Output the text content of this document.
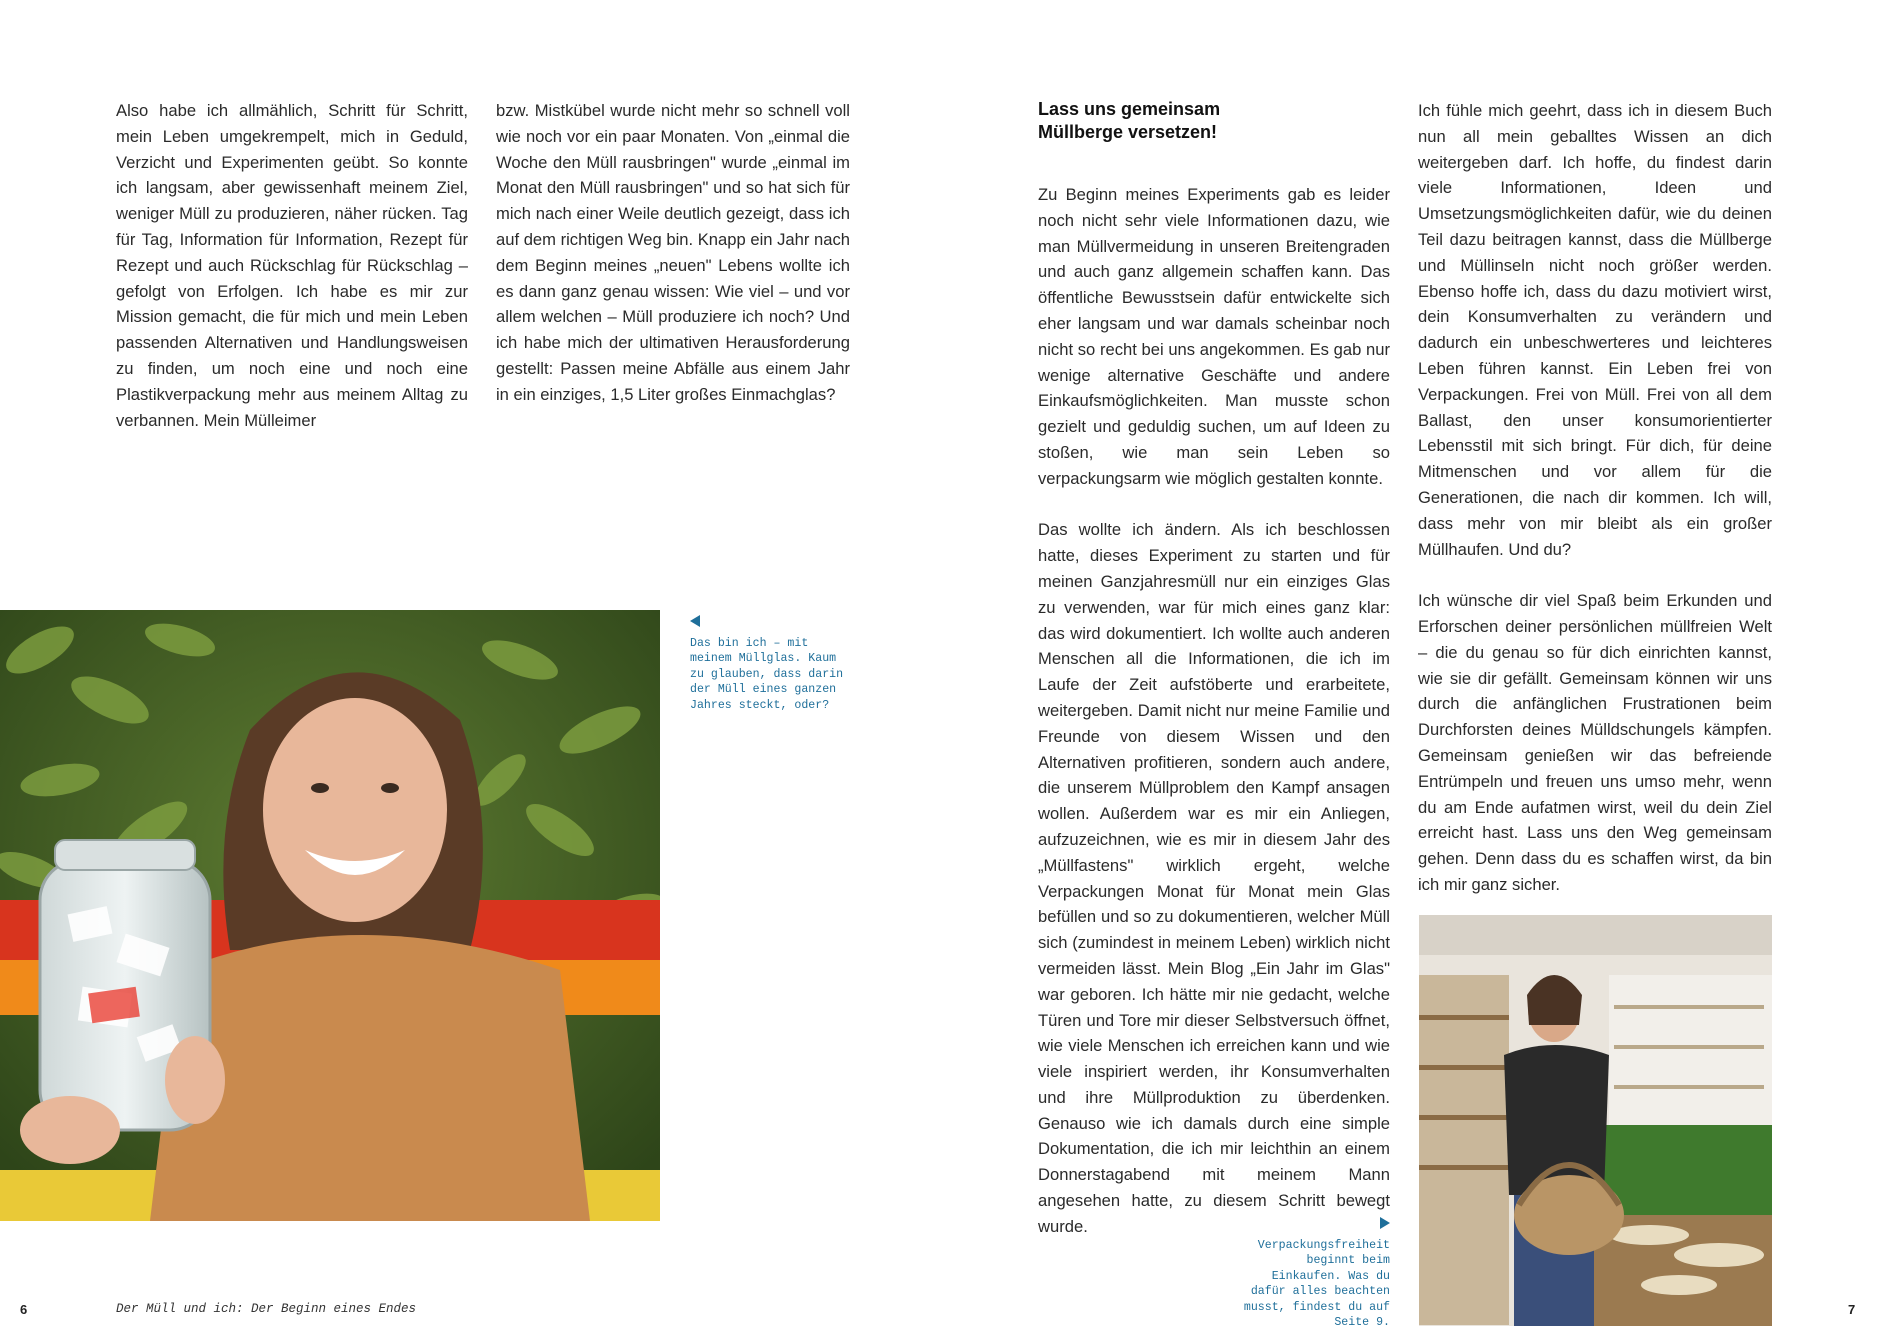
Also habe ich allmählich, Schritt für Schritt, mein Leben umgekrempelt, mich in Geduld, Verzicht und Experimenten geübt. So konnte ich langsam, aber gewissenhaft meinem Ziel, weniger Müll zu produzieren, näher rücken. Tag für Tag, Information für Information, Rezept für Rezept und auch Rückschlag für Rückschlag – gefolgt von Erfolgen. Ich habe es mir zur Mission gemacht, die für mich und mein Leben passenden Alternativen und Handlungsweisen zu finden, um noch eine und noch eine Plastikverpackung mehr aus meinem Alltag zu verbannen. Mein Mülleimer

bzw. Mistkübel wurde nicht mehr so schnell voll wie noch vor ein paar Monaten. Von „einmal die Woche den Müll rausbringen" wurde „einmal im Monat den Müll rausbringen" und so hat sich für mich nach einer Weile deutlich gezeigt, dass ich auf dem richtigen Weg bin. Knapp ein Jahr nach dem Beginn meines „neuen" Lebens wollte ich es dann ganz genau wissen: Wie viel – und vor allem welchen – Müll produziere ich noch? Und ich habe mich der ultimativen Herausforderung gestellt: Passen meine Abfälle aus einem Jahr in ein einziges, 1,5 Liter großes Einmachglas?

Das bin ich – mit meinem Müllglas. Kaum zu glauben, dass darin der Müll eines ganzen Jahres steckt, oder?
6	Der Müll und ich: Der Beginn eines Endes
Lass uns gemeinsam Müllberge versetzen!

Zu Beginn meines Experiments gab es leider noch nicht sehr viele Informationen dazu, wie man Müllvermeidung in unseren Breitengraden und auch ganz allgemein schaffen kann. Das öffentliche Bewusstsein dafür entwickelte sich eher langsam und war damals scheinbar noch nicht so recht bei uns angekommen. Es gab nur wenige alternative Geschäfte und andere Einkaufsmöglichkeiten. Man musste schon gezielt und geduldig suchen, um auf Ideen zu stoßen, wie man sein Leben so verpackungsarm wie möglich gestalten konnte.

Das wollte ich ändern. Als ich beschlossen hatte, dieses Experiment zu starten und für meinen Ganzjahresmüll nur ein einziges Glas zu verwenden, war für mich eines ganz klar: das wird dokumentiert. Ich wollte auch anderen Menschen all die Informationen, die ich im Laufe der Zeit aufstöberte und erarbeitete, weitergeben. Damit nicht nur meine Familie und Freunde von diesem Wissen und den Alternativen profitieren, sondern auch andere, die unserem Müllproblem den Kampf ansagen wollen. Außerdem war es mir ein Anliegen, aufzuzeichnen, wie es mir in diesem Jahr des „Müllfastens" wirklich ergeht, welche Verpackungen Monat für Monat mein Glas befüllen und so zu dokumentieren, welcher Müll sich (zumindest in meinem Leben) wirklich nicht vermeiden lässt. Mein Blog „Ein Jahr im Glas" war geboren. Ich hätte mir nie gedacht, welche Türen und Tore mir dieser Selbstversuch öffnet, wie viele Menschen ich erreichen kann und wie viele inspiriert werden, ihr Konsumverhalten und ihre Müllproduktion zu überdenken. Genauso wie ich damals durch eine simple Dokumentation, die ich mir leichthin an einem Donnerstagabend mit meinem Mann angesehen hatte, zu diesem Schritt bewegt wurde.

Ich fühle mich geehrt, dass ich in diesem Buch nun all mein geballtes Wissen an dich weitergeben darf. Ich hoffe, du findest darin viele Informationen, Ideen und Umsetzungsmöglichkeiten dafür, wie du deinen Teil dazu beitragen kannst, dass die Müllberge und Müllinseln nicht noch größer werden. Ebenso hoffe ich, dass du dazu motiviert wirst, dein Konsumverhalten zu verändern und dadurch ein unbeschwerteres und leichteres Leben führen kannst. Ein Leben frei von Verpackungen. Frei von Müll. Frei von all dem Ballast, den unser konsumorientierter Lebensstil mit sich bringt. Für dich, für deine Mitmenschen und vor allem für die Generationen, die nach dir kommen. Ich will, dass mehr von mir bleibt als ein großer Müllhaufen. Und du?

Ich wünsche dir viel Spaß beim Erkunden und Erforschen deiner persönlichen müllfreien Welt – die du genau so für dich einrichten kannst, wie sie dir gefällt. Gemeinsam können wir uns durch die anfänglichen Frustrationen beim Durchforsten deines Mülldschungels kämpfen. Gemeinsam genießen wir das befreiende Entrümpeln und freuen uns umso mehr, wenn du am Ende aufatmen wirst, weil du dein Ziel erreicht hast. Lass uns den Weg gemeinsam gehen. Denn dass du es schaffen wirst, da bin ich mir ganz sicher.

Verpackungsfreiheit beginnt beim Einkaufen. Was du dafür alles beachten musst, findest du auf Seite 9.
7
